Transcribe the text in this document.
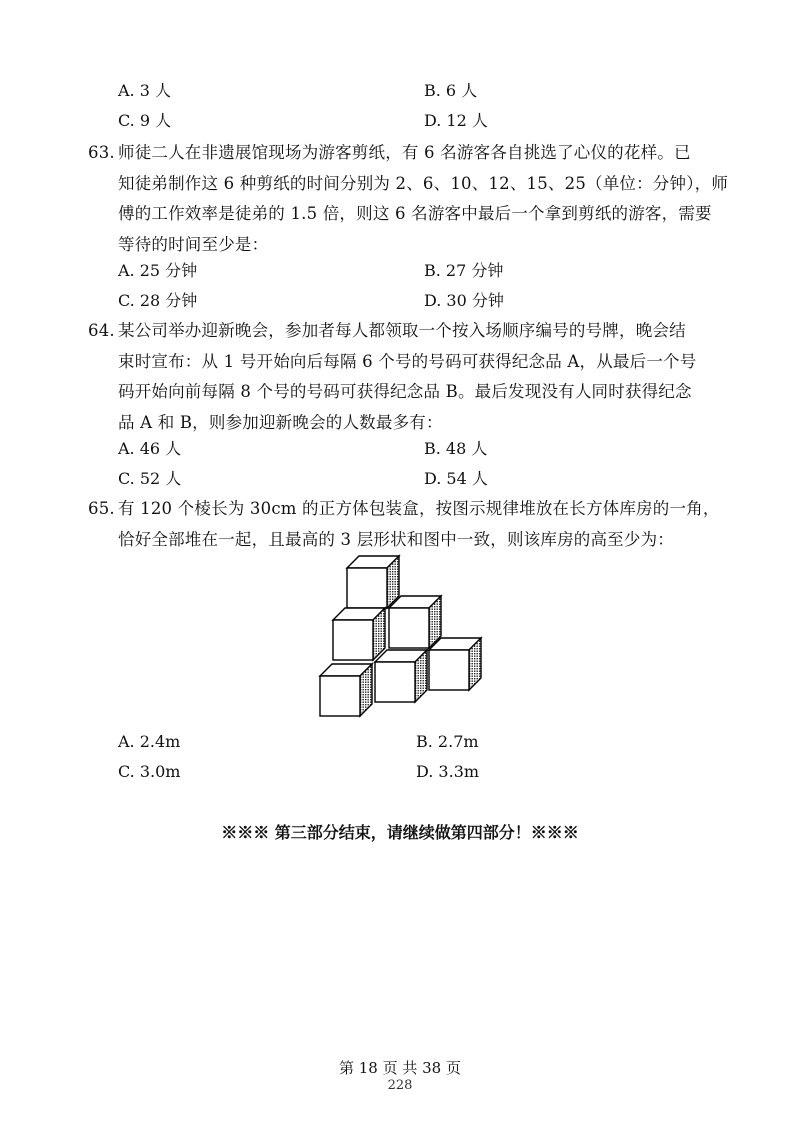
A. 3 人	B. 6 人
C. 9 人	D. 12 人
63. 师徒二人在非遗展馆现场为游客剪纸，有 6 名游客各自挑选了心仪的花样。已
知徒弟制作这 6 种剪纸的时间分别为 2、6、10、12、15、25（单位：分钟），师
傅的工作效率是徒弟的 1.5 倍，则这 6 名游客中最后一个拿到剪纸的游客，需要
等待的时间至少是：
A. 25 分钟	B. 27 分钟
C. 28 分钟	D. 30 分钟
64. 某公司举办迎新晚会，参加者每人都领取一个按入场顺序编号的号牌，晚会结
束时宣布：从 1 号开始向后每隔 6 个号的号码可获得纪念品 A，从最后一个号
码开始向前每隔 8 个号的号码可获得纪念品 B。最后发现没有人同时获得纪念
品 A 和 B，则参加迎新晚会的人数最多有：
A. 46 人	B. 48 人
C. 52 人	D. 54 人
65. 有 120 个棱长为 30cm 的正方体包装盒，按图示规律堆放在长方体库房的一角，
恰好全部堆在一起，且最高的 3 层形状和图中一致，则该库房的高至少为：
A. 2.4m	B. 2.7m
C. 3.0m	D. 3.3m
※※※ 第三部分结束，请继续做第四部分！※※※
第 18 页 共 38 页
228
